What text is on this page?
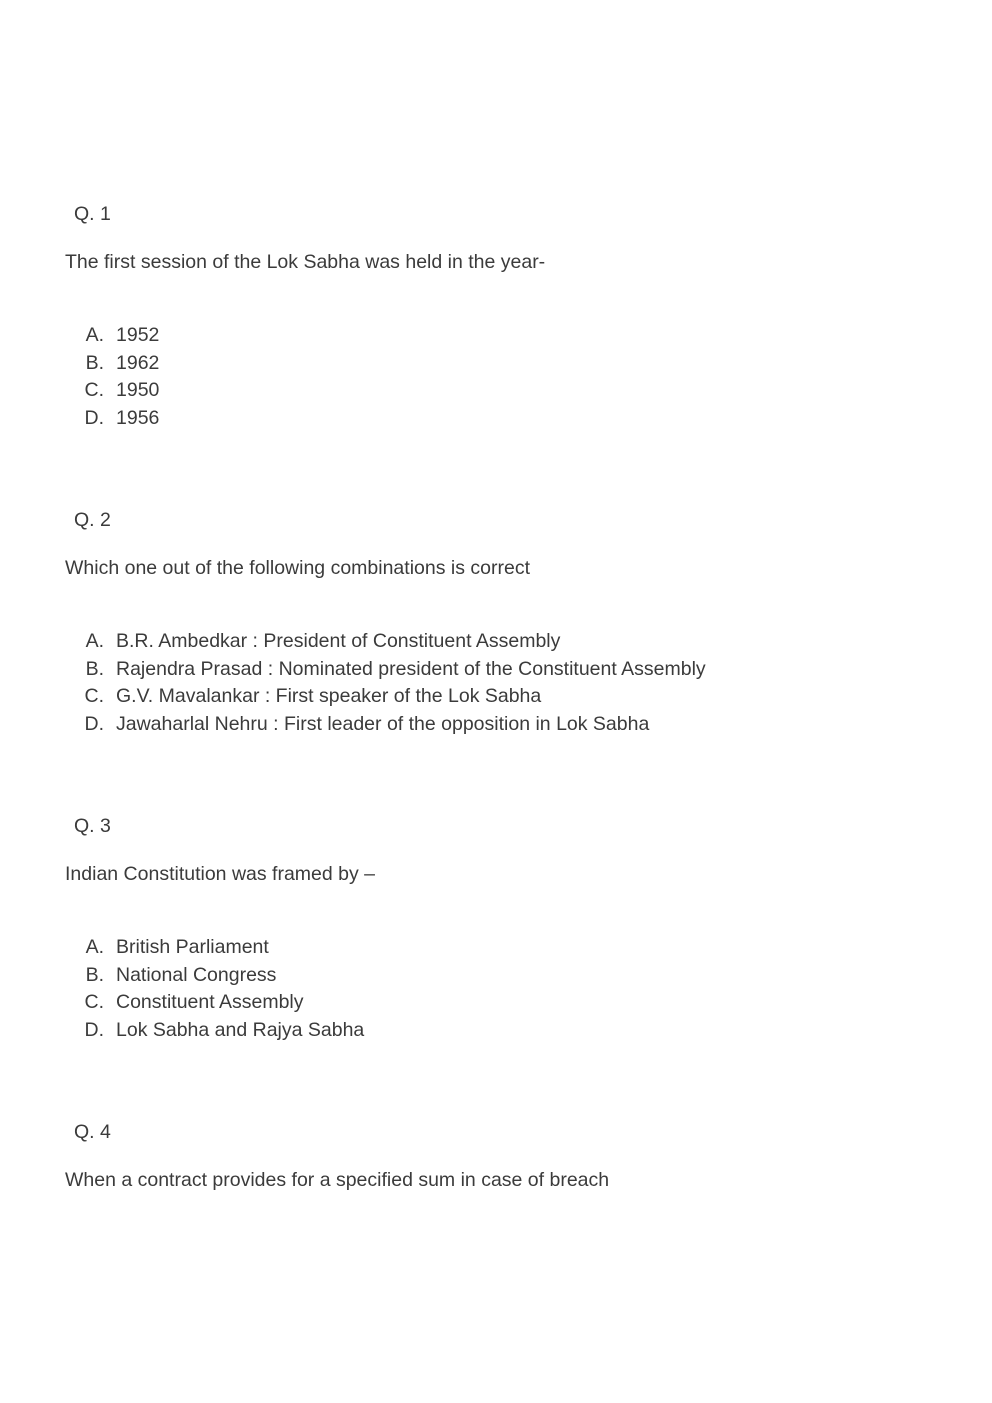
Q. 1

The first session of the Lok Sabha was held in the year-

A. 1952
B. 1962
C. 1950
D. 1956
Q. 2

Which one out of the following combinations is correct

A. B.R. Ambedkar : President of Constituent Assembly
B. Rajendra Prasad : Nominated president of the Constituent Assembly
C. G.V. Mavalankar : First speaker of the Lok Sabha
D. Jawaharlal Nehru : First leader of the opposition in Lok Sabha
Q. 3

Indian Constitution was framed by –

A. British Parliament
B. National Congress
C. Constituent Assembly
D. Lok Sabha and Rajya Sabha
Q. 4

When a contract provides for a specified sum in case of breach
